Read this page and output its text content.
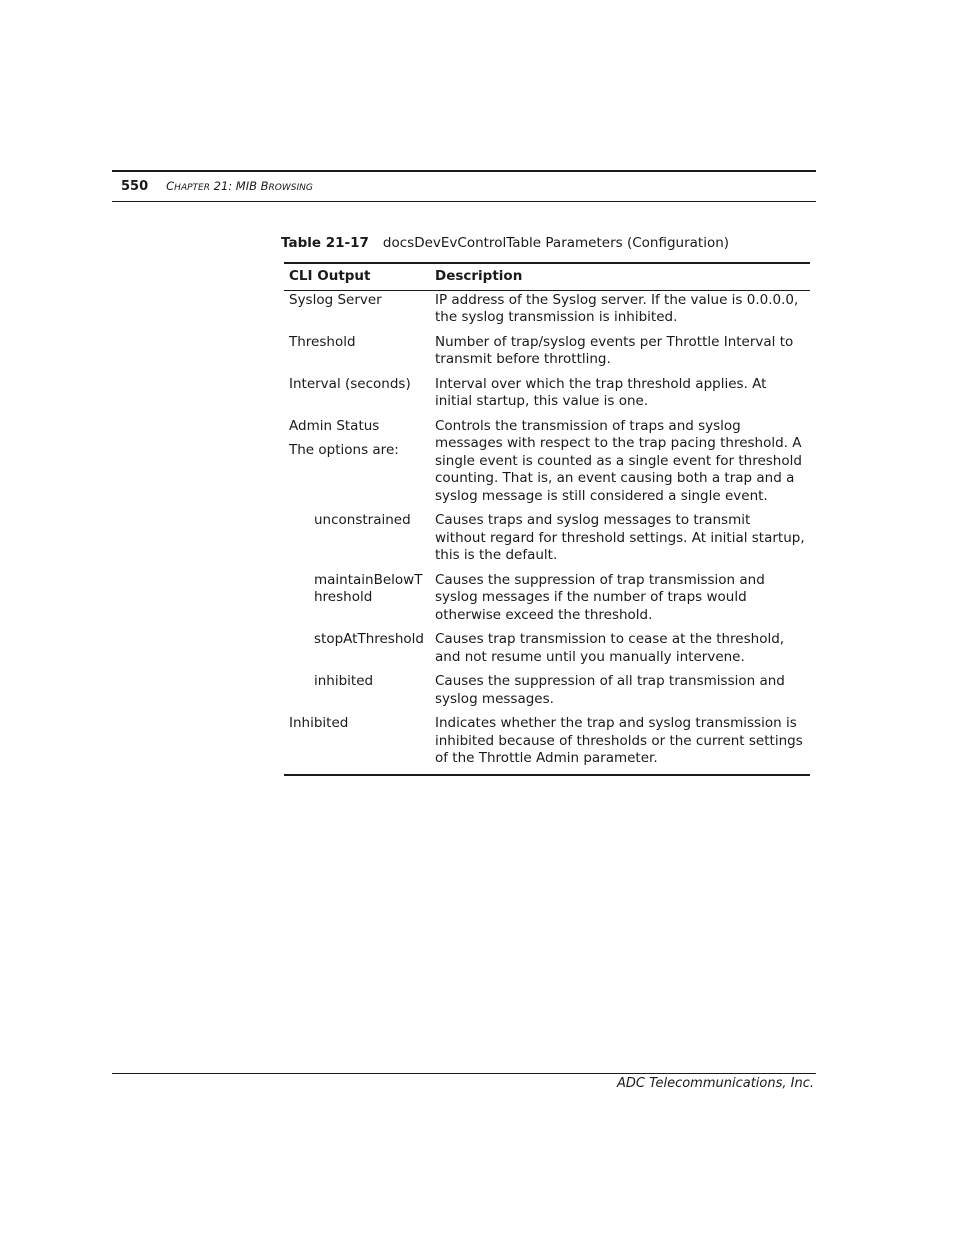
550 CHAPTER 21: MIB BROWSING
Table 21-17 docsDevEvControlTable Parameters (Configuration)
CLI Output	Description
Syslog Server	IP address of the Syslog server. If the value is 0.0.0.0, the syslog transmission is inhibited.
Threshold	Number of trap/syslog events per Throttle Interval to transmit before throttling.
Interval (seconds)	Interval over which the trap threshold applies. At initial startup, this value is one.
Admin Status
The options are:	Controls the transmission of traps and syslog messages with respect to the trap pacing threshold. A single event is counted as a single event for threshold counting. That is, an event causing both a trap and a syslog message is still considered a single event.
unconstrained	Causes traps and syslog messages to transmit without regard for threshold settings. At initial startup, this is the default.
maintainBelowThreshold	Causes the suppression of trap transmission and syslog messages if the number of traps would otherwise exceed the threshold.
stopAtThreshold	Causes trap transmission to cease at the threshold, and not resume until you manually intervene.
inhibited	Causes the suppression of all trap transmission and syslog messages.
Inhibited	Indicates whether the trap and syslog transmission is inhibited because of thresholds or the current settings of the Throttle Admin parameter.
ADC Telecommunications, Inc.
